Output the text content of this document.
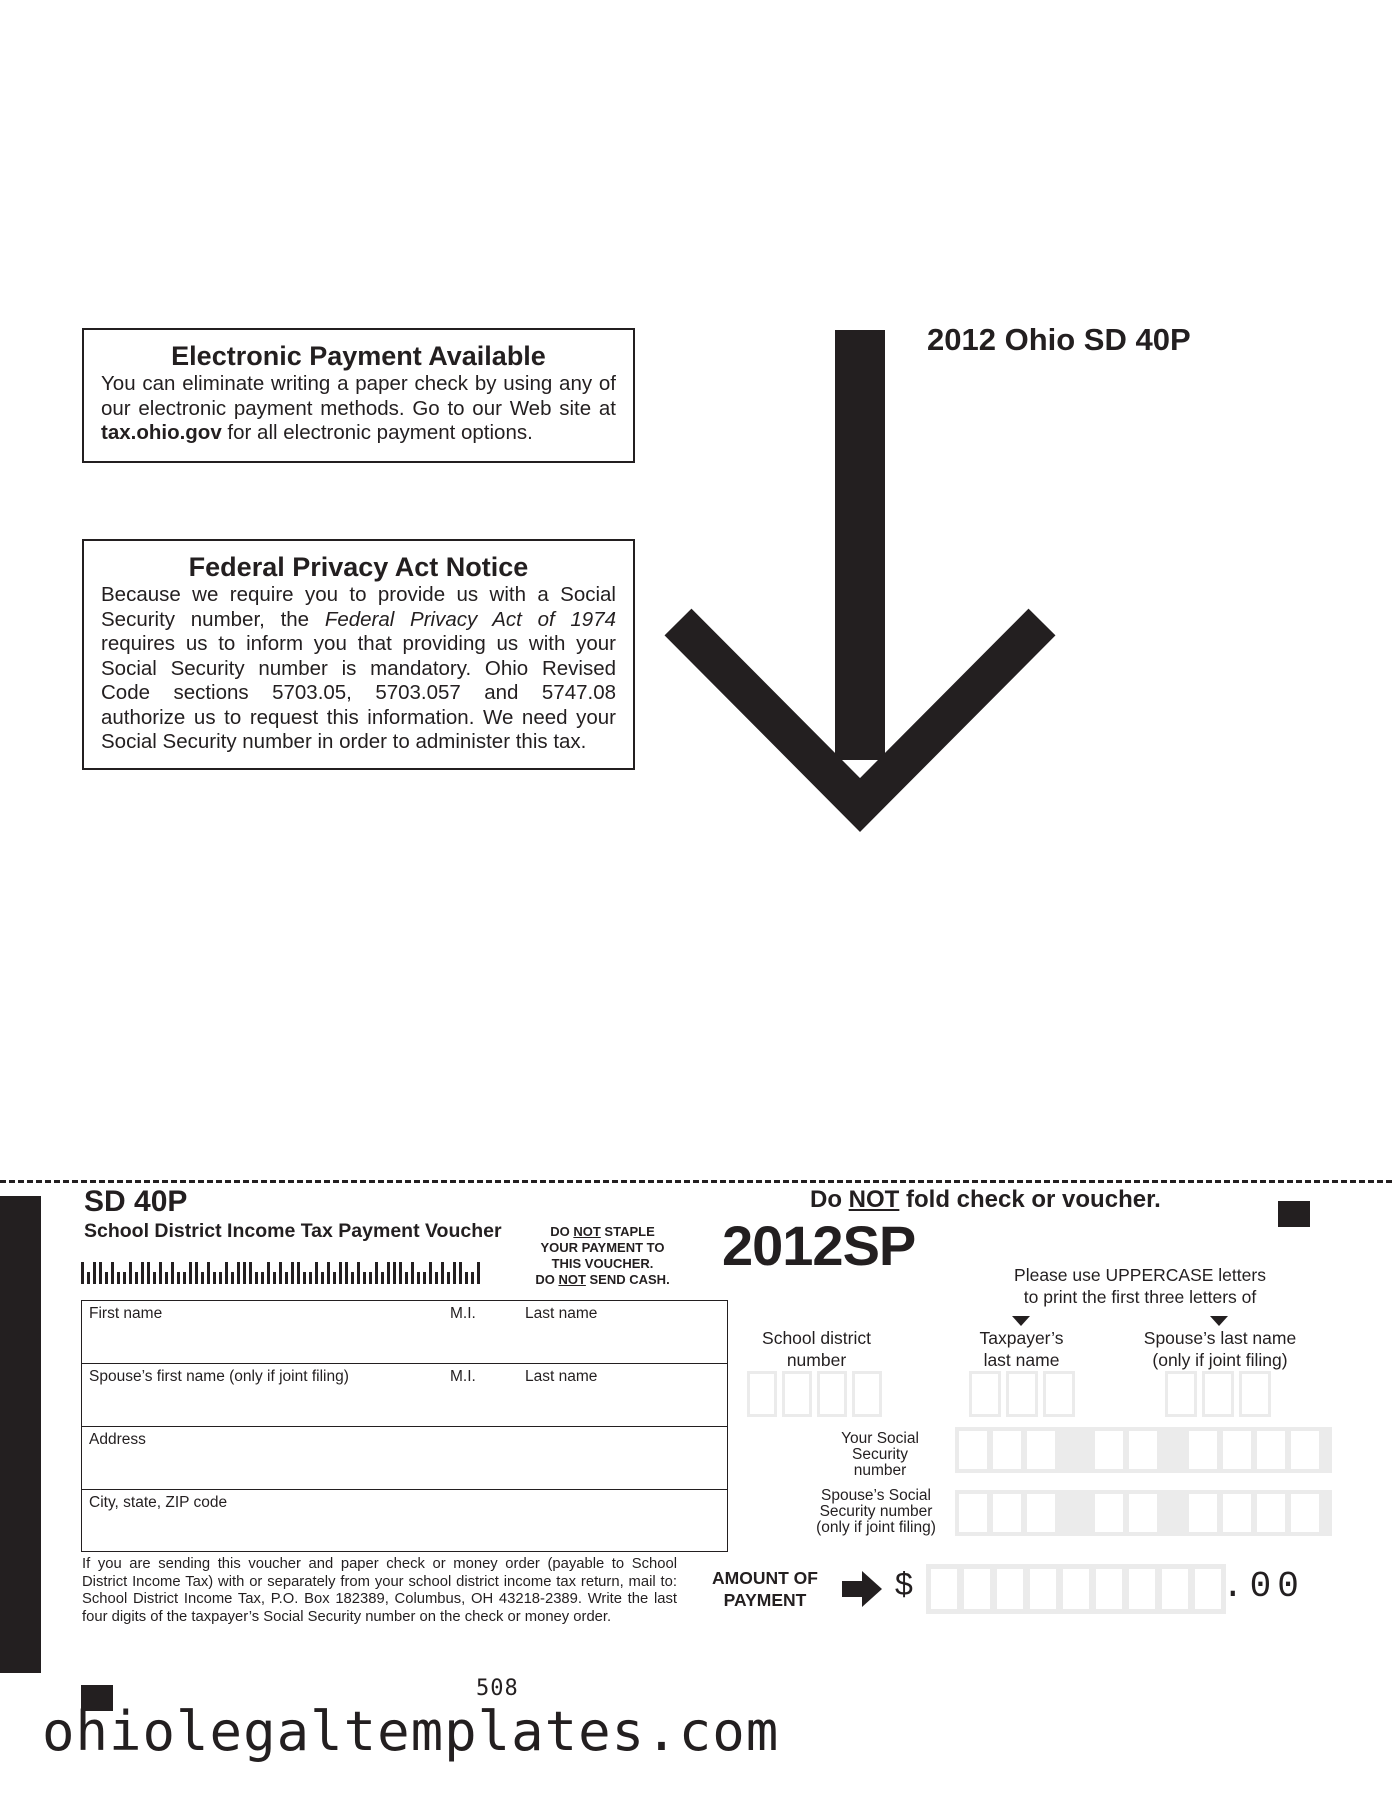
2012 Ohio SD 40P
Electronic Payment Available

You can eliminate writing a paper check by using any of our electronic payment methods. Go to our Web site at tax.ohio.gov for all electronic payment options.

Federal Privacy Act Notice

Because we require you to provide us with a Social Security number, the Federal Privacy Act of 1974 requires us to inform you that providing us with your Social Security number is mandatory. Ohio Revised Code sections 5703.05, 5703.057 and 5747.08 authorize us to request this information. We need your Social Security number in order to administer this tax.

SD 40P
School District Income Tax Payment Voucher	DO NOT STAPLE
YOUR PAYMENT TO
THIS VOUCHER.
DO NOT SEND CASH.
Do NOT fold check or voucher.
2012SP	Please use UPPERCASE letters
to print the first three letters of
First name	M.I.	Last name
Spouse’s first name (only if joint filing)	M.I.	Last name
Address
City, state, ZIP code
School district
number
Taxpayer’s
last name
Spouse’s last name
(only if joint filing)
Your Social
Security
number
Spouse’s Social
Security number
(only if joint filing)
If you are sending this voucher and paper check or money order (payable to School District Income Tax) with or separately from your school district income tax return, mail to: School District Income Tax, P.O. Box 182389, Columbus, OH 43218-2389. Write the last four digits of the taxpayer’s Social Security number on the check or money order.
AMOUNT OF
PAYMENT	$	.00
508
ohiolegaltemplates.com
